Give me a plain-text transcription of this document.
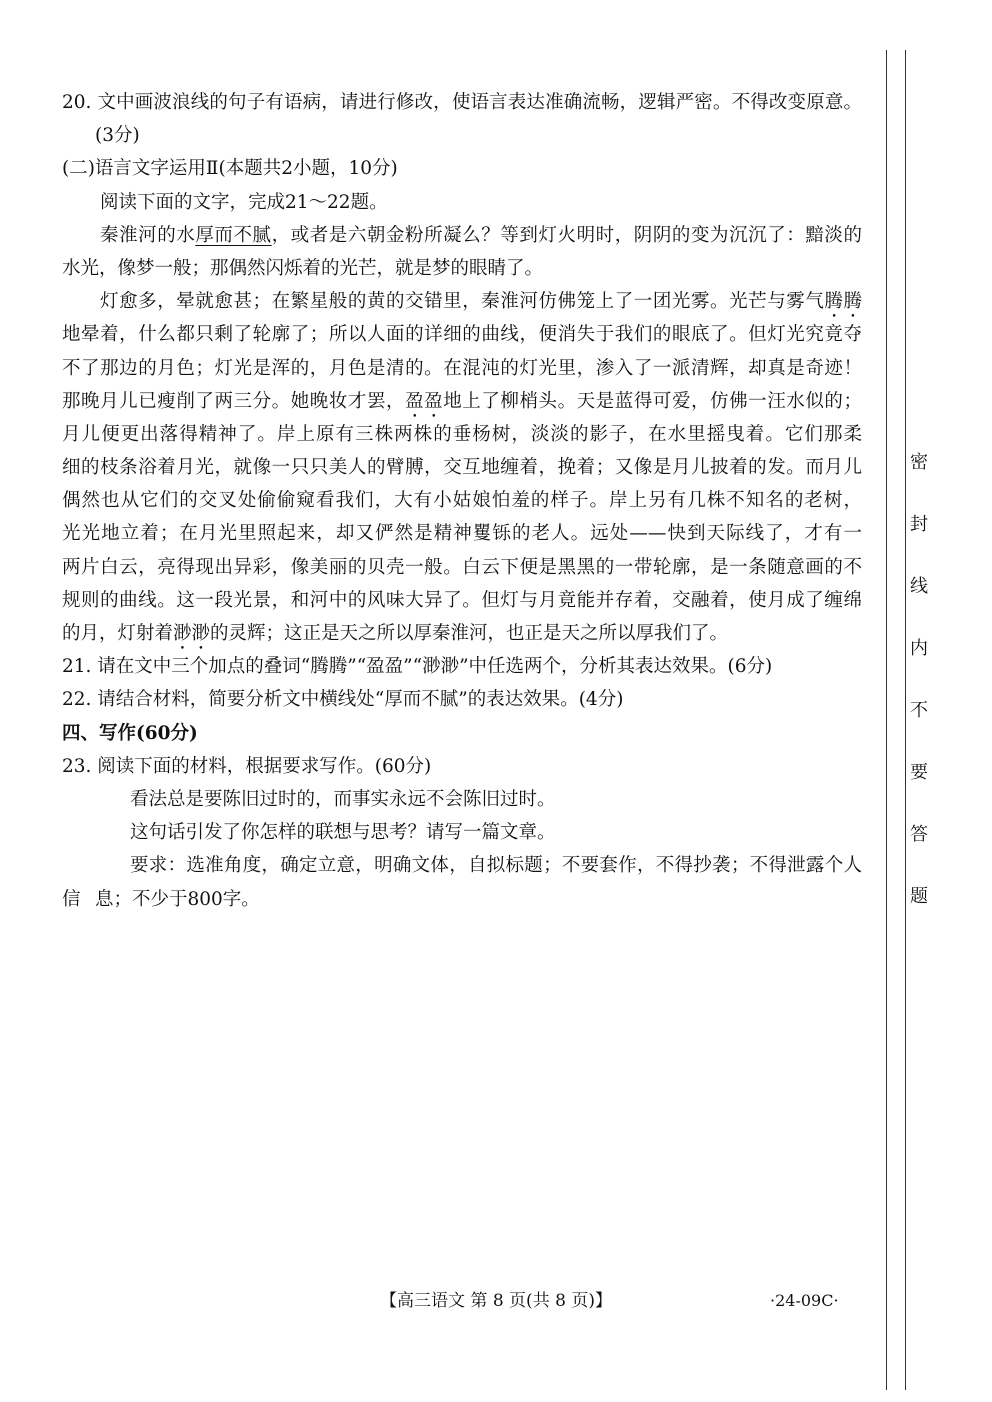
20. 文中画波浪线的句子有语病，请进行修改，使语言表达准确流畅，逻辑严密。不得改变原意。
(3分)
(二)语言文字运用Ⅱ(本题共2小题，10分)
阅读下面的文字，完成21～22题。
秦淮河的水厚而不腻，或者是六朝金粉所凝么？等到灯火明时，阴阴的变为沉沉了：黯淡的
水光，像梦一般；那偶然闪烁着的光芒，就是梦的眼睛了。
灯愈多，晕就愈甚；在繁星般的黄的交错里，秦淮河仿佛笼上了一团光雾。光芒与雾气腾腾
地晕着，什么都只剩了轮廓了；所以人面的详细的曲线，便消失于我们的眼底了。但灯光究竟夺
不了那边的月色；灯光是浑的，月色是清的。在混沌的灯光里，渗入了一派清辉，却真是奇迹！
那晚月儿已瘦削了两三分。她晚妆才罢，盈盈地上了柳梢头。天是蓝得可爱，仿佛一汪水似的；
月儿便更出落得精神了。岸上原有三株两株的垂杨树，淡淡的影子，在水里摇曳着。它们那柔
细的枝条浴着月光，就像一只只美人的臂膊，交互地缠着，挽着；又像是月儿披着的发。而月儿
偶然也从它们的交叉处偷偷窥看我们，大有小姑娘怕羞的样子。岸上另有几株不知名的老树，
光光地立着；在月光里照起来，却又俨然是精神矍铄的老人。远处——快到天际线了，才有一
两片白云，亮得现出异彩，像美丽的贝壳一般。白云下便是黑黑的一带轮廓，是一条随意画的不
规则的曲线。这一段光景，和河中的风味大异了。但灯与月竟能并存着，交融着，使月成了缠绵
的月，灯射着渺渺的灵辉；这正是天之所以厚秦淮河，也正是天之所以厚我们了。
21. 请在文中三个加点的叠词“腾腾”“盈盈”“渺渺”中任选两个，分析其表达效果。(6分)
22. 请结合材料，简要分析文中横线处“厚而不腻”的表达效果。(4分)
四、写作(60分)
23. 阅读下面的材料，根据要求写作。(60分)
看法总是要陈旧过时的，而事实永远不会陈旧过时。
这句话引发了你怎样的联想与思考？请写一篇文章。
要求：选准角度，确定立意，明确文体，自拟标题；不要套作，不得抄袭；不得泄露个人信 息；不少于800字。
密
封
线
内
不
要
答
题
【高三语文 第 8 页(共 8 页)】	·24-09C·
